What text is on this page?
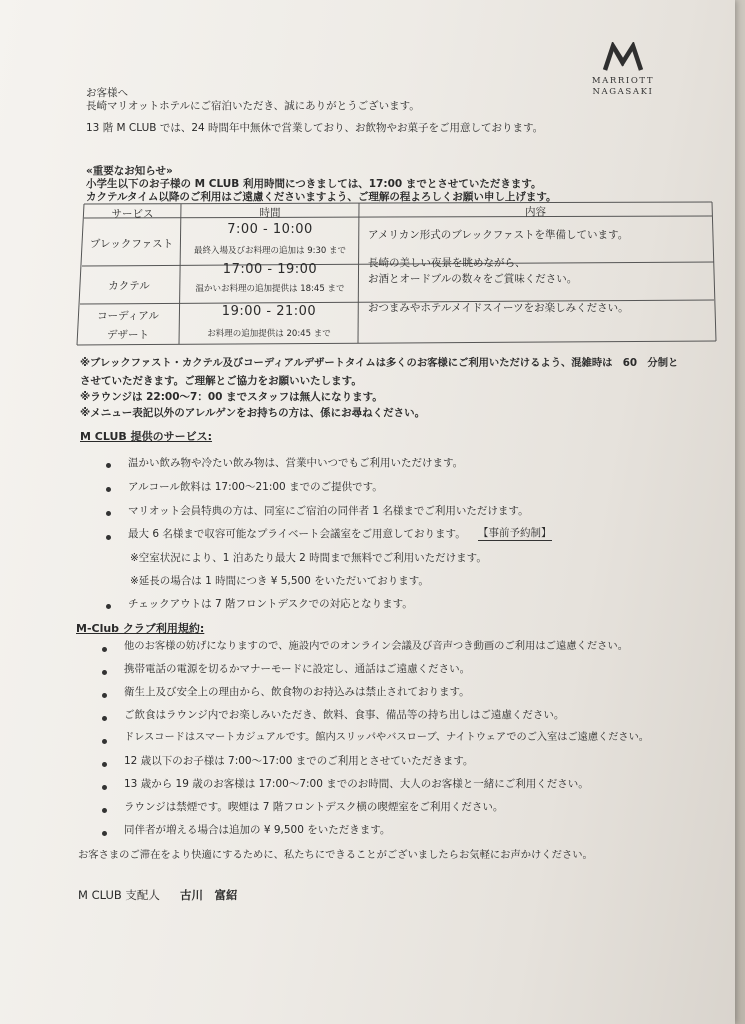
MARRIOTT
NAGASAKI
お客様へ
長崎マリオットホテルにご宿泊いただき、誠にありがとうございます。
13 階 M CLUB では、24 時間年中無休で営業しており、お飲物やお菓子をご用意しております。
«重要なお知らせ»
小学生以下のお子様の M CLUB 利用時間につきましては、17:00 までとさせていただきます。
カクテルタイム以降のご利用はご遠慮くださいますよう、ご理解の程よろしくお願い申し上げます。
サービス	時間	内容
ブレックファスト
7:00 - 10:00
最終入場及びお料理の追加は 9:30 まで
アメリカン形式のブレックファストを準備しています。
カクテル
17:00 - 19:00
温かいお料理の追加提供は 18:45 まで
長崎の美しい夜景を眺めながら、
お酒とオードブルの数々をご賞味ください。
コーディアル
デザート
19:00 - 21:00
お料理の追加提供は 20:45 まで
おつまみやホテルメイドスイーツをお楽しみください。
※ブレックファスト・カクテル及びコーディアルデザートタイムは多くのお客様にご利用いただけるよう、混雑時は　60　分制と
させていただきます。ご理解とご協力をお願いいたします。
※ラウンジは 22:00～7：00 までスタッフは無人になります。
※メニュー表記以外のアレルゲンをお持ちの方は、係にお尋ねください。
M CLUB 提供のサービス:
温かい飲み物や冷たい飲み物は、営業中いつでもご利用いただけます。
アルコール飲料は 17:00～21:00 までのご提供です。
マリオット会員特典の方は、同室にご宿泊の同伴者 1 名様までご利用いただけます。
最大 6 名様まで収容可能なプライベート会議室をご用意しております。 【事前予約制】
※空室状況により、1 泊あたり最大 2 時間まで無料でご利用いただけます。
※延長の場合は 1 時間につき ¥ 5,500 をいただいております。
チェックアウトは 7 階フロントデスクでの対応となります。
M-Club クラブ利用規約:
他のお客様の妨げになりますので、施設内でのオンライン会議及び音声つき動画のご利用はご遠慮ください。
携帯電話の電源を切るかマナーモードに設定し、通話はご遠慮ください。
衛生上及び安全上の理由から、飲食物のお持込みは禁止されております。
ご飲食はラウンジ内でお楽しみいただき、飲料、食事、備品等の持ち出しはご遠慮ください。
ドレスコードはスマートカジュアルです。館内スリッパやバスローブ、ナイトウェアでのご入室はご遠慮ください。
12 歳以下のお子様は 7:00～17:00 までのご利用とさせていただきます。
13 歳から 19 歳のお客様は 17:00～7:00 までのお時間、大人のお客様と一緒にご利用ください。
ラウンジは禁煙です。喫煙は 7 階フロントデスク横の喫煙室をご利用ください。
同伴者が増える場合は追加の ¥ 9,500 をいただきます。
お客さまのご滞在をより快適にするために、私たちにできることがございましたらお気軽にお声かけください。
M CLUB 支配人 古川　富紹
